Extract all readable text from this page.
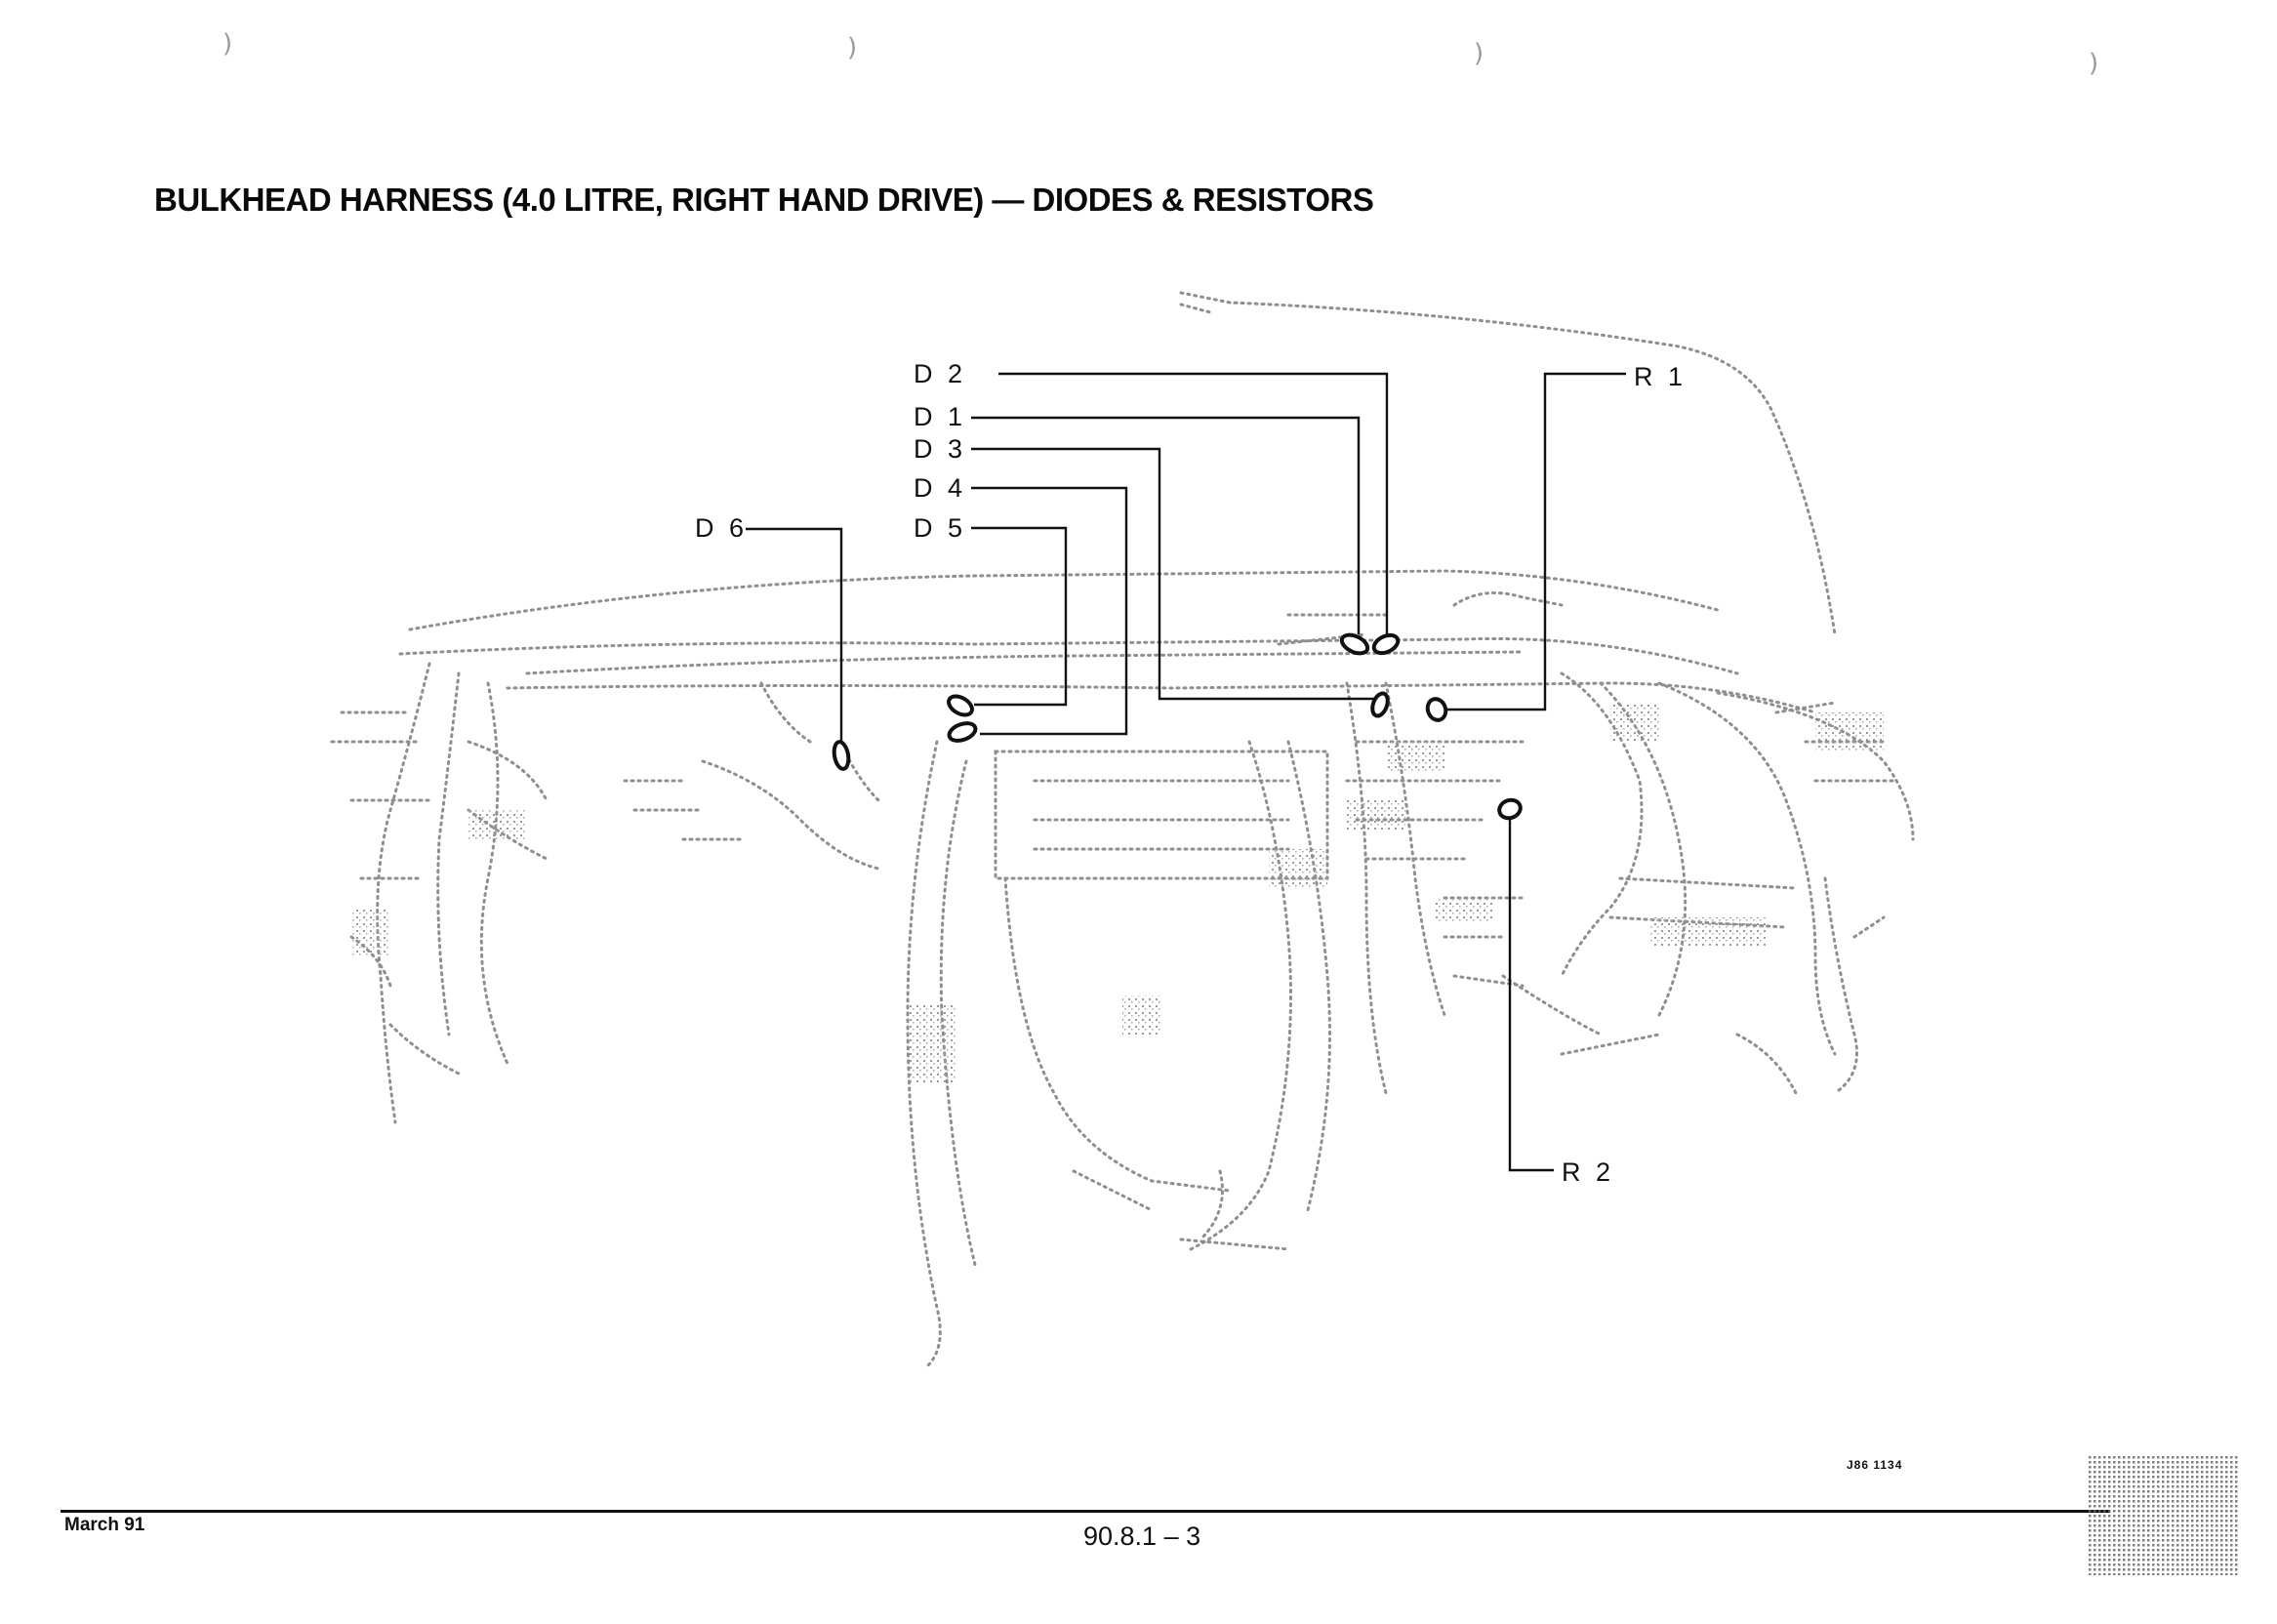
)	)	)	)
BULKHEAD HARNESS (4.0 LITRE, RIGHT HAND DRIVE) — DIODES & RESISTORS
D 2
D 1
D 3
D 4
D 5
D 6
R 1
R 2
J86 1134
March 91	90.8.1 – 3
